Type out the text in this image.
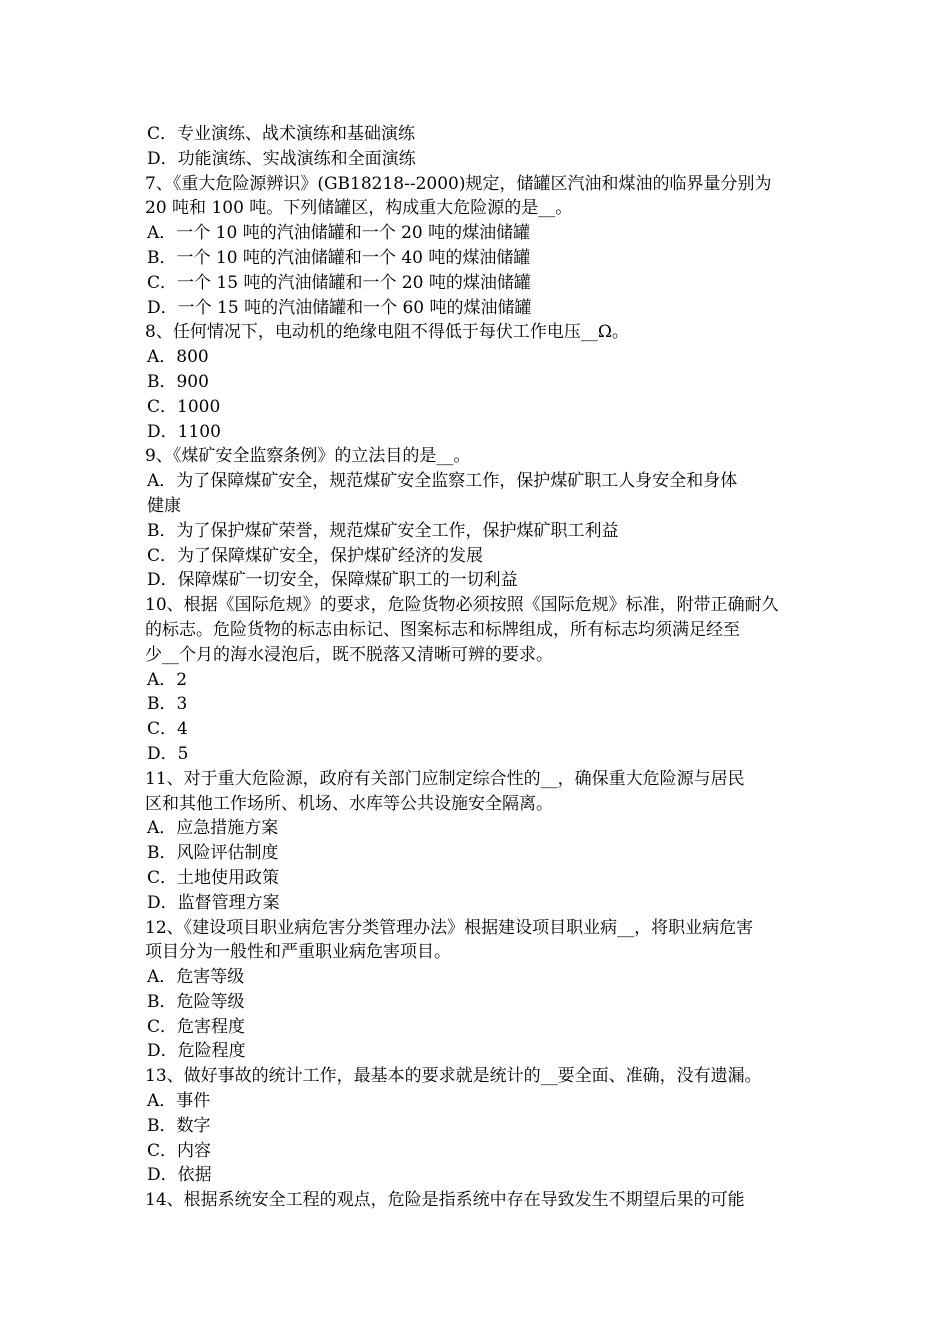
C．专业演练、战术演练和基础演练
D．功能演练、实战演练和全面演练
7、《重大危险源辨识》(GB18218--2000)规定，储罐区汽油和煤油的临界量分别为
20 吨和 100 吨。下列储罐区，构成重大危险源的是__。
A．一个 10 吨的汽油储罐和一个 20 吨的煤油储罐
B．一个 10 吨的汽油储罐和一个 40 吨的煤油储罐
C．一个 15 吨的汽油储罐和一个 20 吨的煤油储罐
D．一个 15 吨的汽油储罐和一个 60 吨的煤油储罐
8、任何情况下，电动机的绝缘电阻不得低于每伏工作电压__Ω。
A．800
B．900
C．1000
D．1100
9、《煤矿安全监察条例》的立法目的是__。
A．为了保障煤矿安全，规范煤矿安全监察工作，保护煤矿职工人身安全和身体
健康
B．为了保护煤矿荣誉，规范煤矿安全工作，保护煤矿职工利益
C．为了保障煤矿安全，保护煤矿经济的发展
D．保障煤矿一切安全，保障煤矿职工的一切利益
10、根据《国际危规》的要求，危险货物必须按照《国际危规》标准，附带正确耐久
的标志。危险货物的标志由标记、图案标志和标牌组成，所有标志均须满足经至
少__个月的海水浸泡后，既不脱落又清晰可辨的要求。
A．2
B．3
C．4
D．5
11、对于重大危险源，政府有关部门应制定综合性的__，确保重大危险源与居民
区和其他工作场所、机场、水库等公共设施安全隔离。
A．应急措施方案
B．风险评估制度
C．土地使用政策
D．监督管理方案
12、《建设项目职业病危害分类管理办法》根据建设项目职业病__，将职业病危害
项目分为一般性和严重职业病危害项目。
A．危害等级
B．危险等级
C．危害程度
D．危险程度
13、做好事故的统计工作，最基本的要求就是统计的__要全面、准确，没有遗漏。
A．事件
B．数字
C．内容
D．依据
14、根据系统安全工程的观点，危险是指系统中存在导致发生不期望后果的可能
